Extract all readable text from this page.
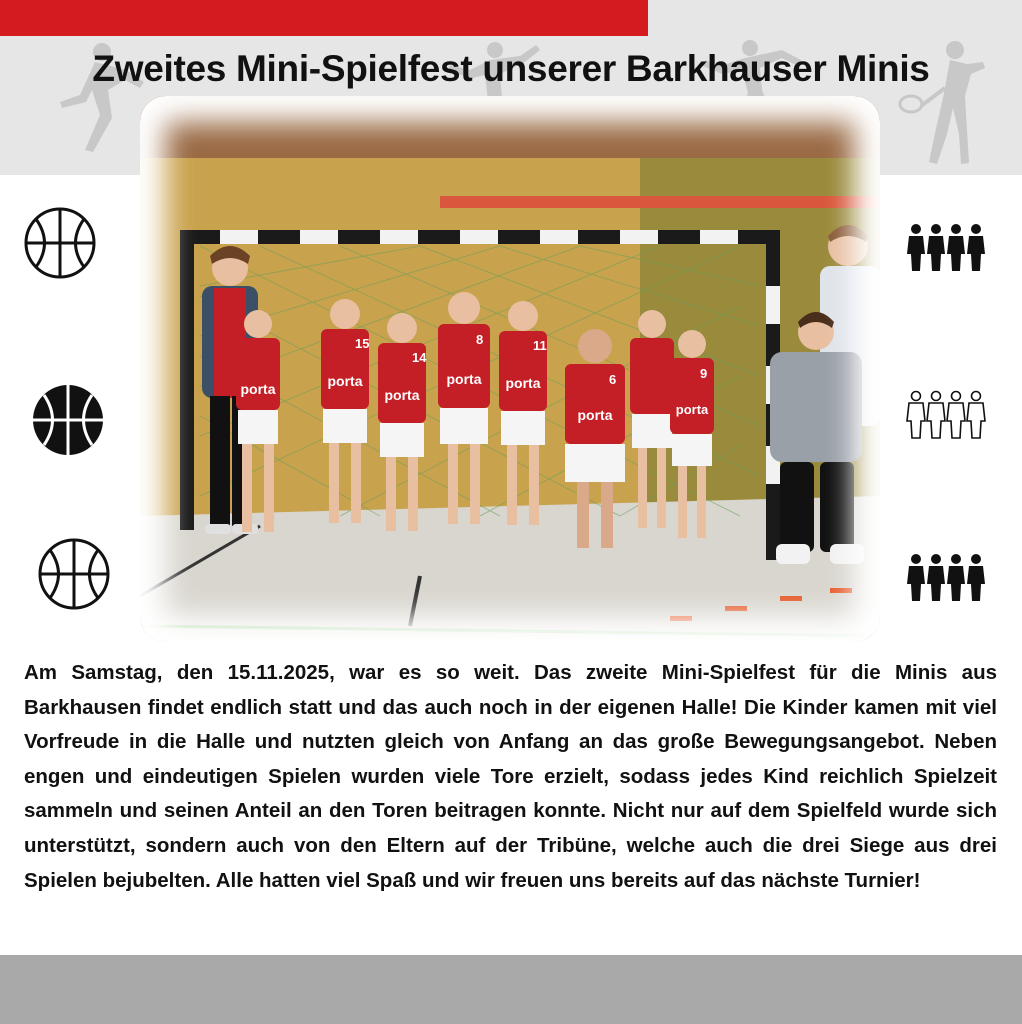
Zweites Mini-Spielfest unserer Barkhauser Minis
porta
15
porta
14
porta
8
porta
11
porta	6
porta
9
porta
Am Samstag, den 15.11.2025, war es so weit. Das zweite Mini-Spielfest für die Minis aus Barkhausen findet endlich statt und das auch noch in der eigenen Halle! Die Kinder kamen mit viel Vorfreude in die Halle und nutzten gleich von Anfang an das große Bewegungsangebot. Neben engen und eindeutigen Spielen wurden viele Tore erzielt, sodass jedes Kind reichlich Spielzeit sammeln und seinen Anteil an den Toren beitragen konnte. Nicht nur auf dem Spielfeld wurde sich unterstützt, sondern auch von den Eltern auf der Tribüne, welche auch die drei Siege aus drei Spielen bejubelten. Alle hatten viel Spaß und wir freuen uns bereits auf das nächste Turnier!
